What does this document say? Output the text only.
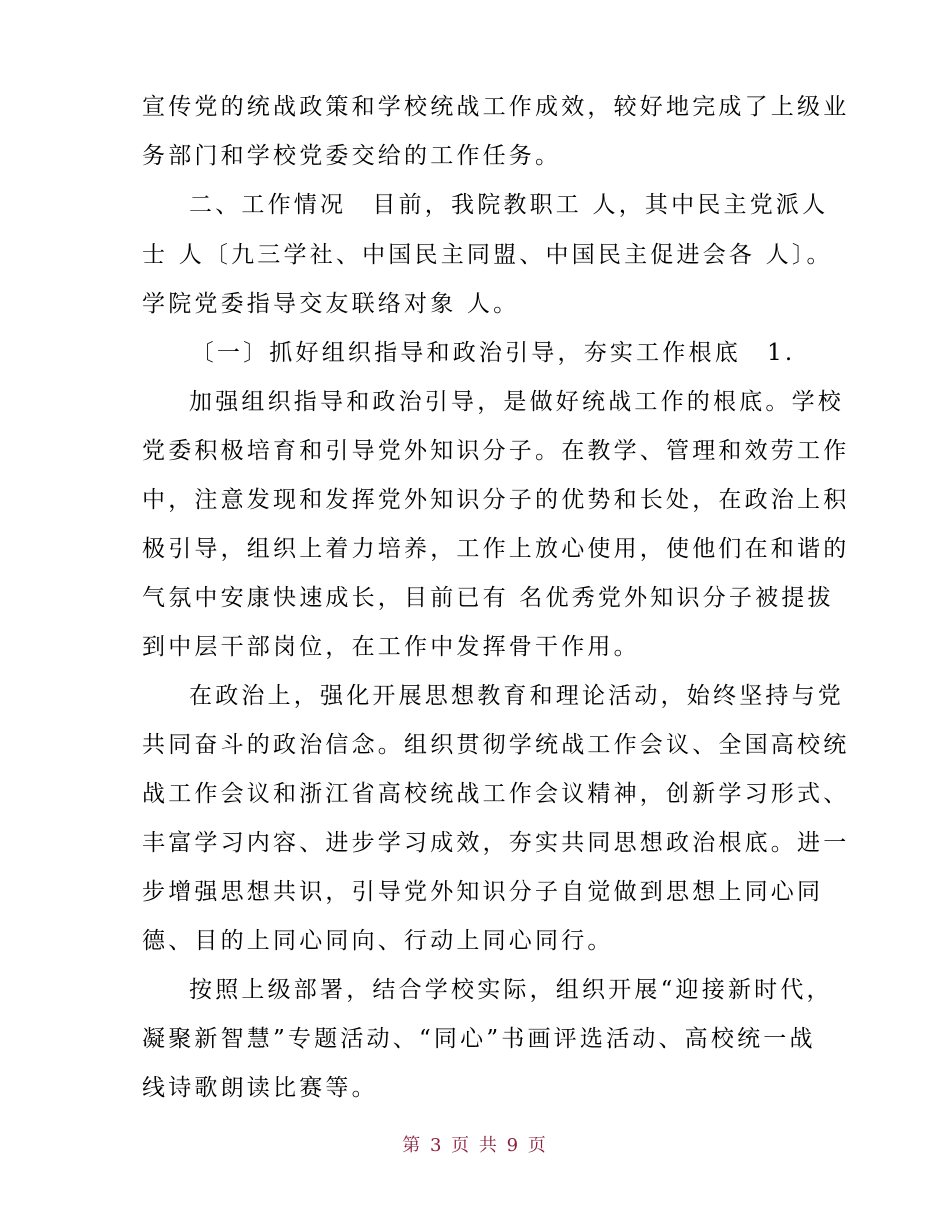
宣传党的统战政策和学校统战工作成效，较好地完成了上级业
务部门和学校党委交给的工作任务。
二、工作情况　目前，我院教职工 人，其中民主党派人
士 人〔九三学社、中国民主同盟、中国民主促进会各 人〕。
学院党委指导交友联络对象 人。
　〔一〕抓好组织指导和政治引导，夯实工作根底　1.
加强组织指导和政治引导，是做好统战工作的根底。学校
党委积极培育和引导党外知识分子。在教学、管理和效劳工作
中，注意发现和发挥党外知识分子的优势和长处，在政治上积
极引导，组织上着力培养，工作上放心使用，使他们在和谐的
气氛中安康快速成长，目前已有 名优秀党外知识分子被提拔
到中层干部岗位，在工作中发挥骨干作用。
在政治上，强化开展思想教育和理论活动，始终坚持与党
共同奋斗的政治信念。组织贯彻学统战工作会议、全国高校统
战工作会议和浙江省高校统战工作会议精神，创新学习形式、
丰富学习内容、进步学习成效，夯实共同思想政治根底。进一
步增强思想共识，引导党外知识分子自觉做到思想上同心同
德、目的上同心同向、行动上同心同行。
按照上级部署，结合学校实际，组织开展“迎接新时代，
凝聚新智慧”专题活动、“同心”书画评选活动、高校统一战
线诗歌朗读比赛等。
第 3 页 共 9 页
